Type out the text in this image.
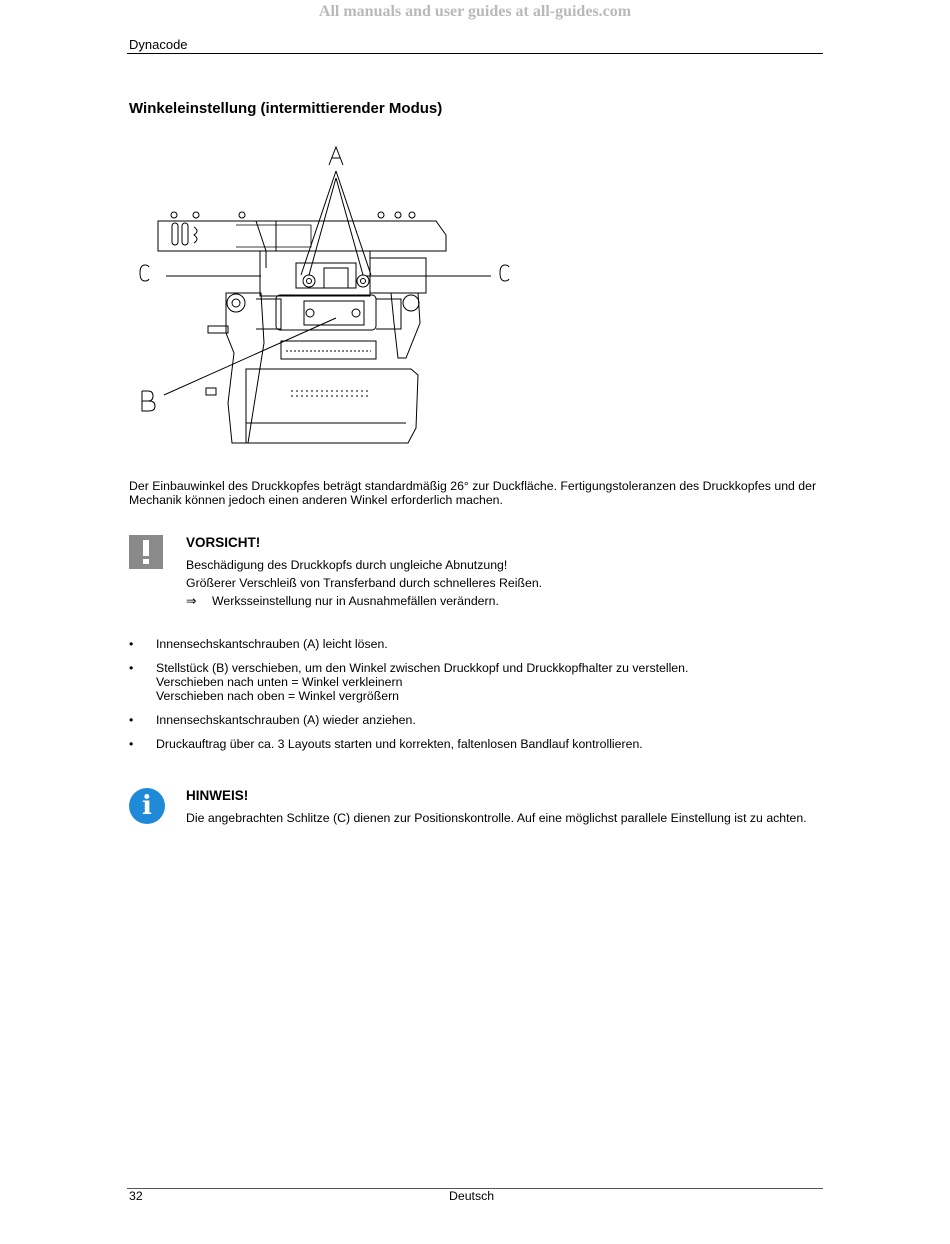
All manuals and user guides at all-guides.com
Dynacode
Winkeleinstellung (intermittierender Modus)
Der Einbauwinkel des Druckkopfes beträgt standardmäßig 26° zur Duckfläche. Fertigungstoleranzen des Druckkopfes und der Mechanik können jedoch einen anderen Winkel erforderlich machen.
VORSICHT!
Beschädigung des Druckkopfs durch ungleiche Abnutzung!
Größerer Verschleiß von Transferband durch schnelleres Reißen.
⇒ Werksseinstellung nur in Ausnahmefällen verändern.
• Innensechskantschrauben (A) leicht lösen.
• Stellstück (B) verschieben, um den Winkel zwischen Druckkopf und Druckkopfhalter zu verstellen.
Verschieben nach unten = Winkel verkleinern
Verschieben nach oben = Winkel vergrößern
• Innensechskantschrauben (A) wieder anziehen.
• Druckauftrag über ca. 3 Layouts starten und korrekten, faltenlosen Bandlauf kontrollieren.
i	HINWEIS!
Die angebrachten Schlitze (C) dienen zur Positionskontrolle. Auf eine möglichst parallele Einstellung ist zu achten.
32	Deutsch
